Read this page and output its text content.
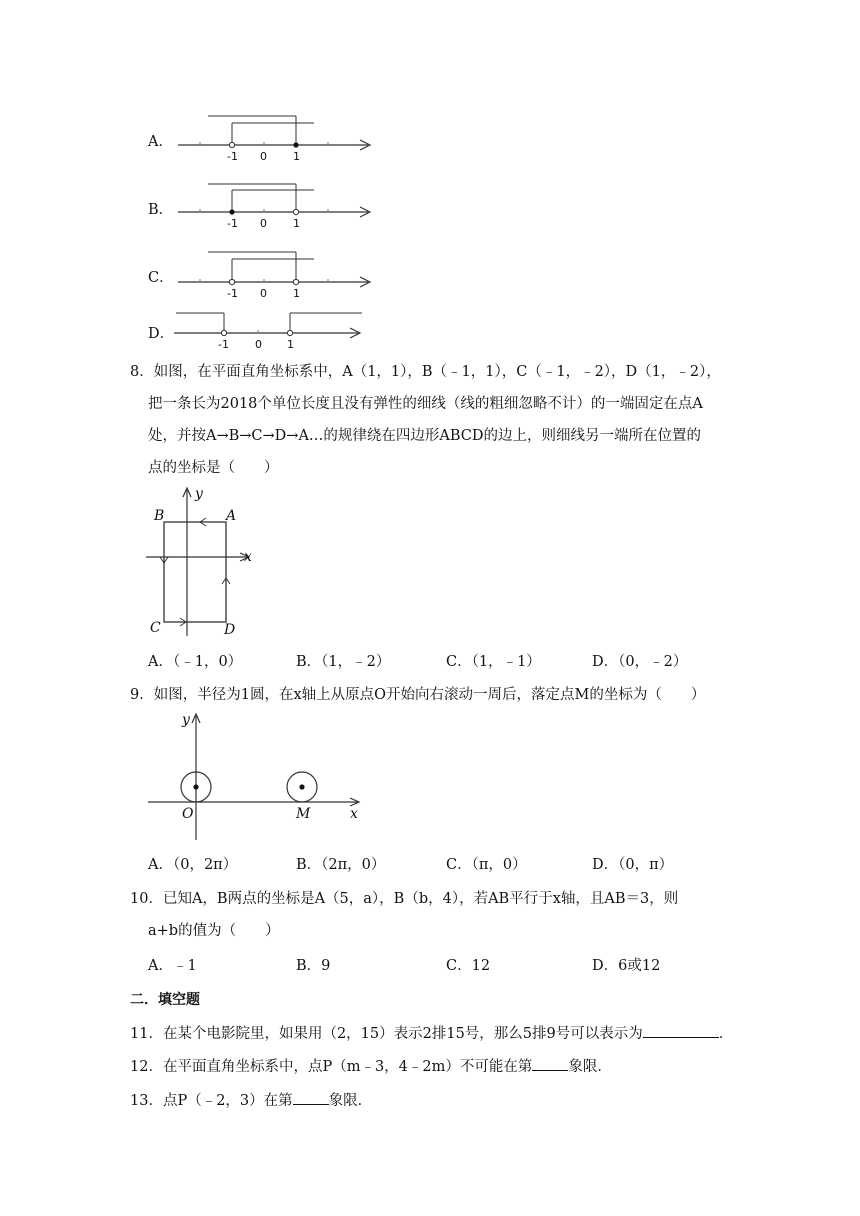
A．
-1 0 1
B．
-1 0 1
C．
-1 0 1
D．
-1 0 1
8．如图，在平面直角坐标系中，A（1，1），B（﹣1，1），C（﹣1，﹣2），D（1，﹣2），
把一条长为2018个单位长度且没有弹性的细线（线的粗细忽略不计）的一端固定在点A
处，并按A→B→C→D→A…的规律绕在四边形ABCD的边上，则细线另一端所在位置的
点的坐标是（　　）
y
x
B	A
C	D
A．（﹣1，0）	B．（1，﹣2）	C．（1，﹣1）	D．（0，﹣2）
9．如图，半径为1圆，在x轴上从原点O开始向右滚动一周后，落定点M的坐标为（　　）
y
x
O	M
A．（0，2π）	B．（2π，0）	C．（π，0）	D．（0，π）
10．已知A，B两点的坐标是A（5，a），B（b，4），若AB平行于x轴，且AB＝3，则
a+b的值为（　　）
A．﹣1	B．9	C．12	D．6或12
二．填空题
11．在某个电影院里，如果用（2，15）表示2排15号，那么5排9号可以表示为	．
12．在平面直角坐标系中，点P（m﹣3，4﹣2m）不可能在第 象限．
13．点P（﹣2，3）在第 象限．
